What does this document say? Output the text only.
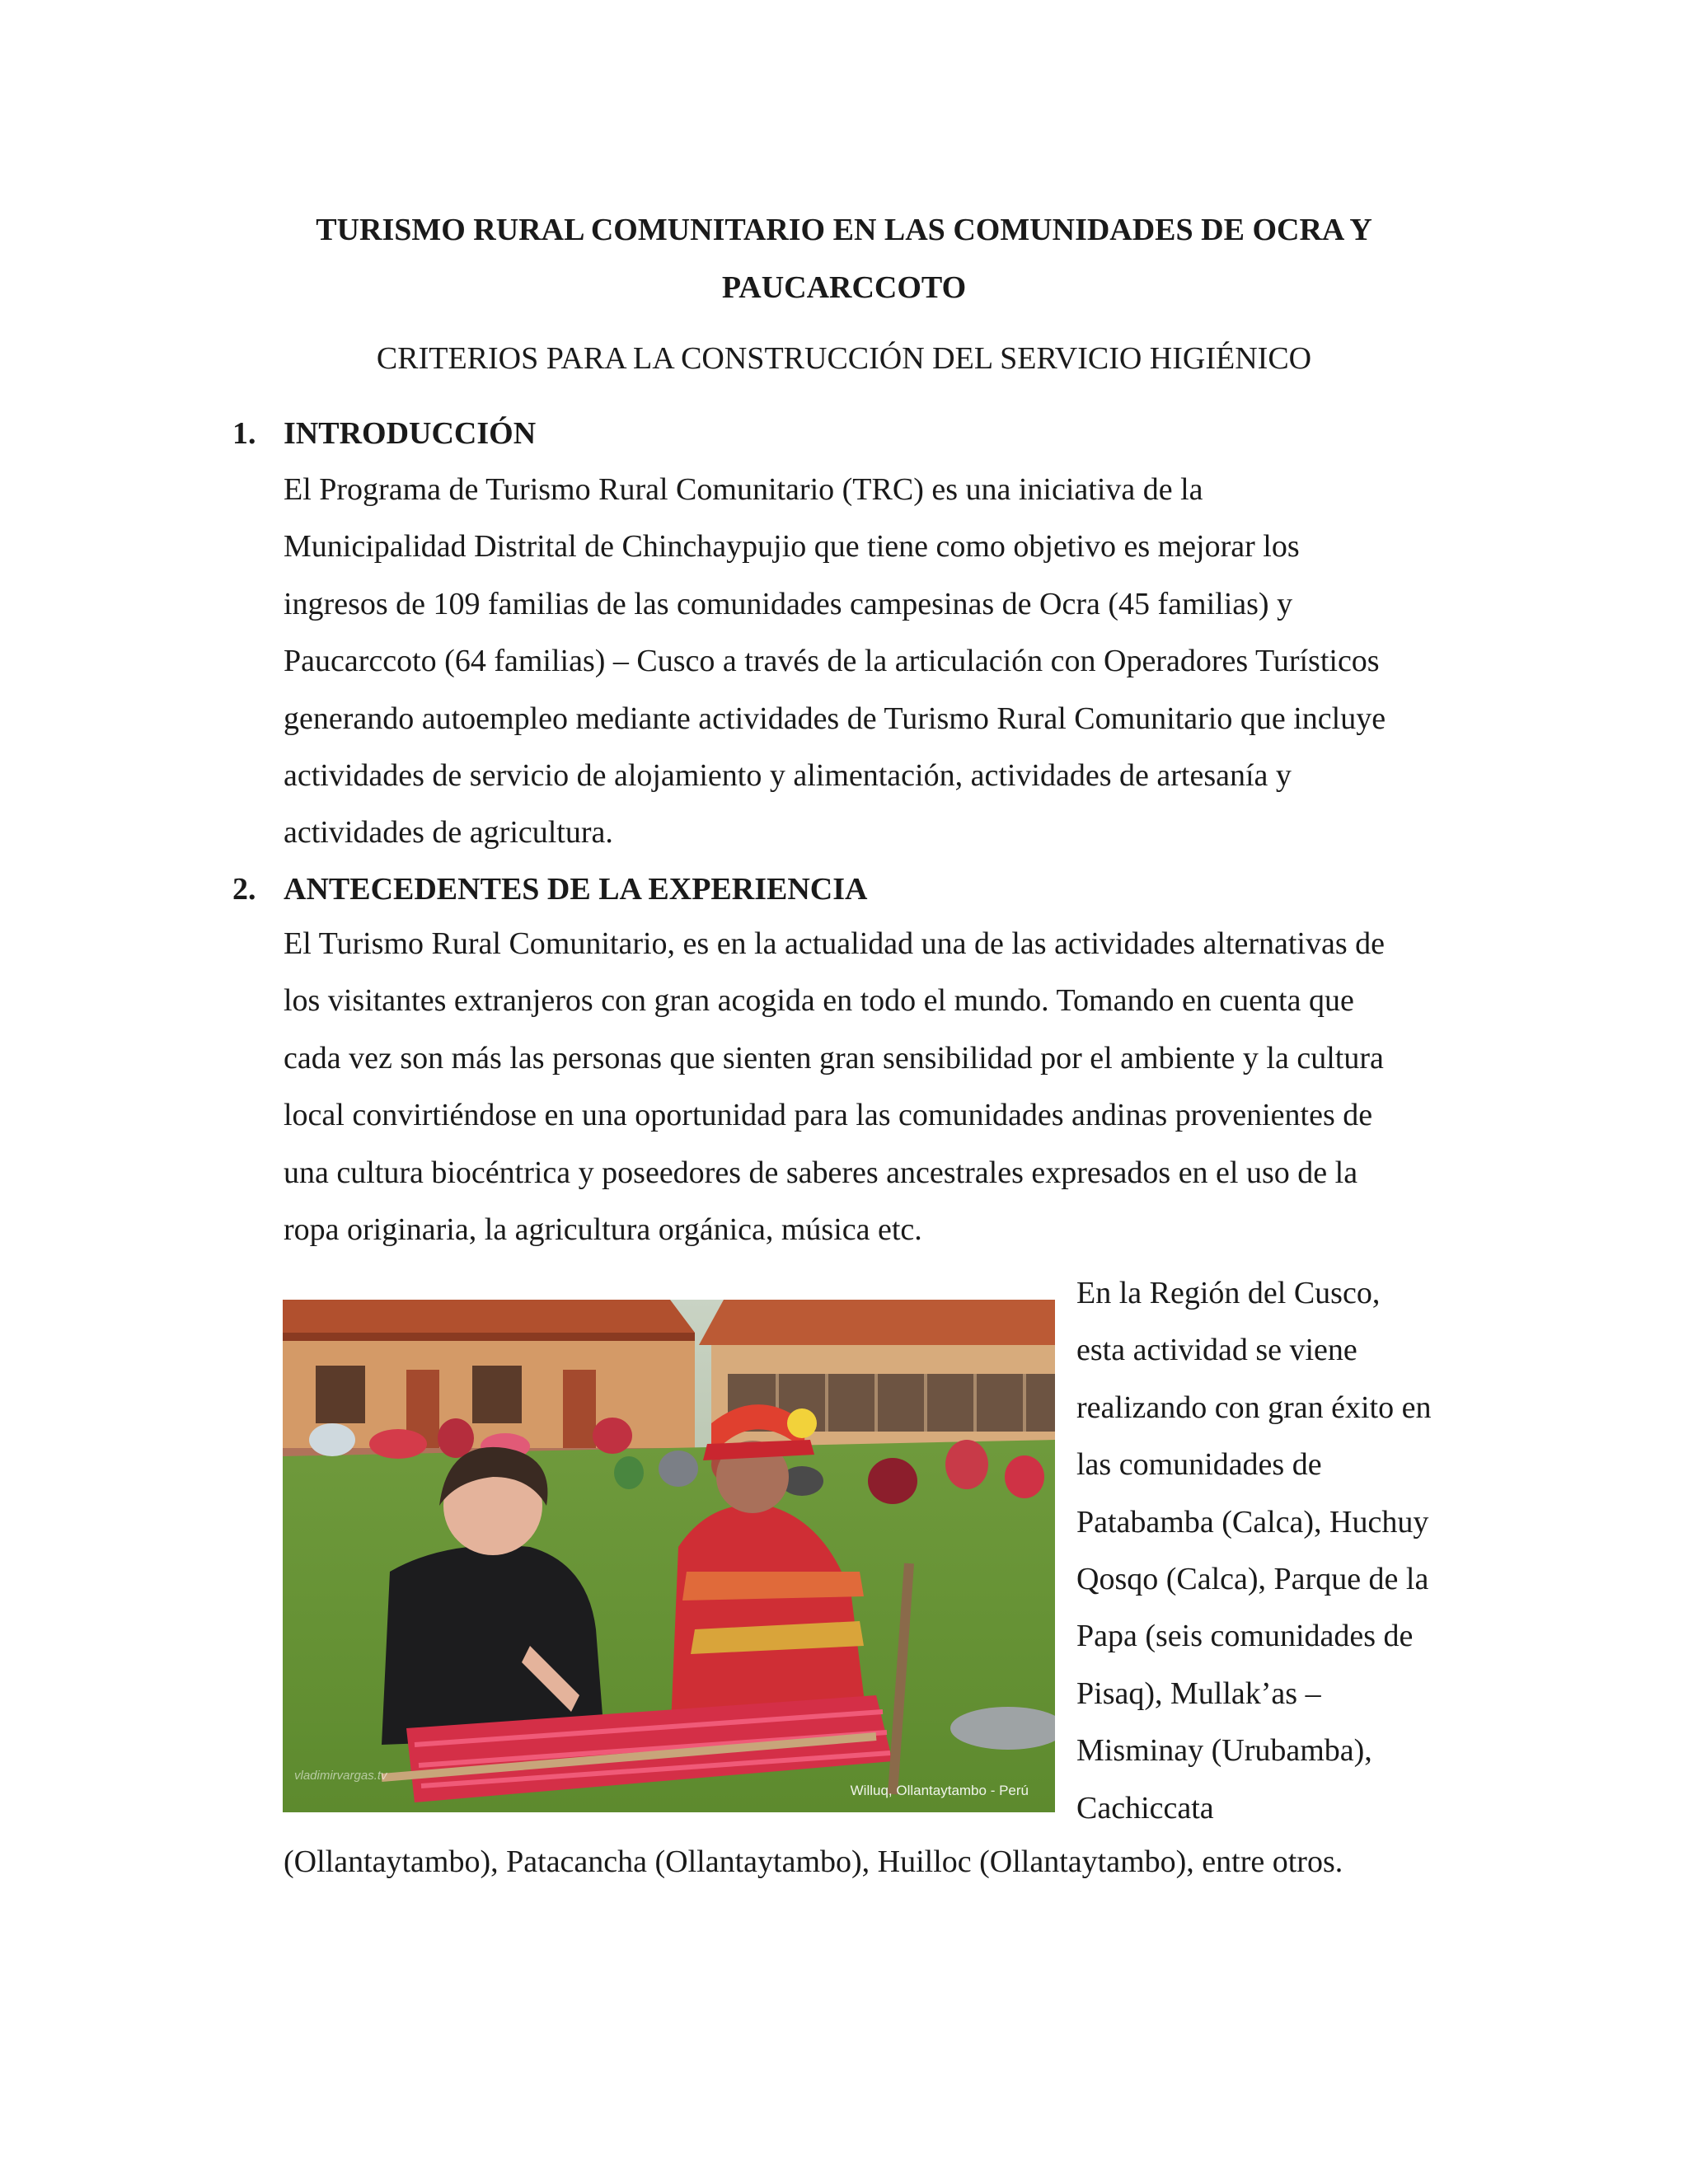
TURISMO RURAL COMUNITARIO EN LAS COMUNIDADES DE OCRA Y
PAUCARCCOTO
CRITERIOS PARA LA CONSTRUCCIÓN DEL SERVICIO HIGIÉNICO
1. INTRODUCCIÓN
El Programa de Turismo Rural Comunitario (TRC) es una iniciativa de la
Municipalidad Distrital de Chinchaypujio que tiene como objetivo es mejorar los
ingresos de 109 familias de las comunidades campesinas de Ocra (45 familias) y
Paucarccoto (64 familias) – Cusco a través de la articulación con Operadores Turísticos
generando autoempleo mediante actividades de Turismo Rural Comunitario que incluye
actividades de servicio de alojamiento y alimentación, actividades de artesanía y
actividades de agricultura.
2. ANTECEDENTES DE LA EXPERIENCIA
El Turismo Rural Comunitario, es en la actualidad una de las actividades alternativas de
los visitantes extranjeros con gran acogida en todo el mundo. Tomando en cuenta que
cada vez son más las personas que sienten gran sensibilidad por el ambiente y la cultura
local convirtiéndose en una oportunidad para las comunidades andinas provenientes de
una cultura biocéntrica y poseedores de saberes ancestrales expresados en el uso de la
ropa originaria, la agricultura orgánica, música etc.
vladimirvargas.tv
Willuq, Ollantaytambo - Perú
En la Región del Cusco,
esta actividad se viene
realizando con gran éxito en
las comunidades de
Patabamba (Calca), Huchuy
Qosqo (Calca), Parque de la
Papa (seis comunidades de
Pisaq), Mullak’as –
Misminay (Urubamba),
Cachiccata
(Ollantaytambo), Patacancha (Ollantaytambo), Huilloc (Ollantaytambo), entre otros.
